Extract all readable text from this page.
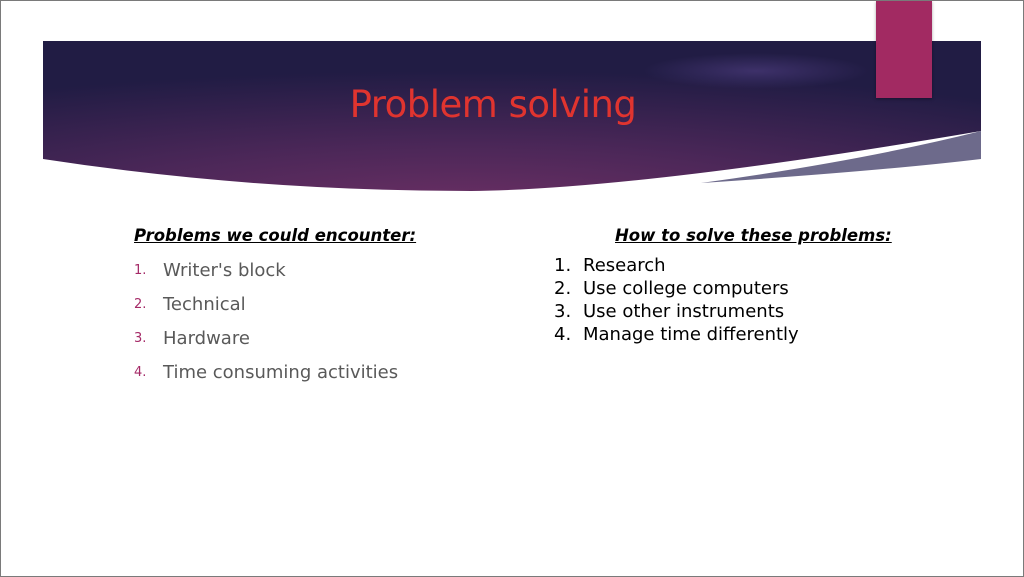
Problem solving
Problems we could encounter:
1. Writer's block
2. Technical
3. Hardware
4. Time consuming activities
How to solve these problems:
1. Research
2. Use college computers
3. Use other instruments
4. Manage time differently
